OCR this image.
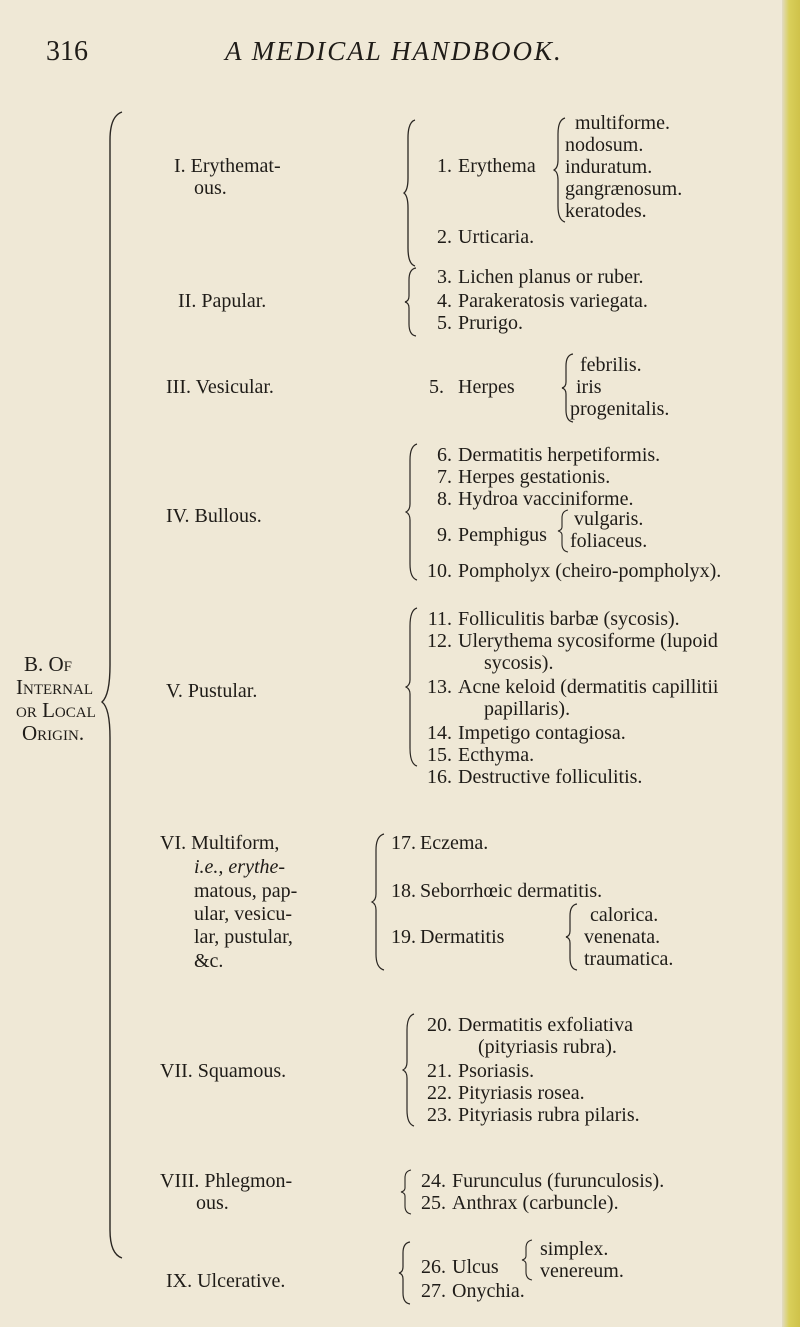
316	A MEDICAL HANDBOOK.
B. Of
Internal
or Local
Origin.
I. Erythemat-
ous.
1. Erythema
multiforme.
nodosum.
induratum.
gangrænosum.
keratodes.
2. Urticaria.
II. Papular.
3. Lichen planus or ruber.
4. Parakeratosis variegata.
5. Prurigo.
III. Vesicular.	5. Herpes
febrilis.
iris
progenitalis.
IV. Bullous.
6. Dermatitis herpetiformis.
7. Herpes gestationis.
8. Hydroa vacciniforme.
9. Pemphigus
vulgaris.
foliaceus.
10. Pompholyx (cheiro-pompholyx).
V. Pustular.
11. Folliculitis barbæ (sycosis).
12. Ulerythema sycosiforme (lupoid
sycosis).
13. Acne keloid (dermatitis capillitii
papillaris).
14. Impetigo contagiosa.
15. Ecthyma.
16. Destructive folliculitis.
VI. Multiform,
i.e., erythe-
matous, pap-
ular, vesicu-
lar, pustular,
&c.
17. Eczema.
18. Seborrhœic dermatitis.
19. Dermatitis
calorica.
venenata.
traumatica.
VII. Squamous.
20. Dermatitis exfoliativa
(pityriasis rubra).
21. Psoriasis.
22. Pityriasis rosea.
23. Pityriasis rubra pilaris.
VIII. Phlegmon-
ous.
24. Furunculus (furunculosis).
25. Anthrax (carbuncle).
IX. Ulcerative.
26. Ulcus
simplex.
venereum.
27. Onychia.
